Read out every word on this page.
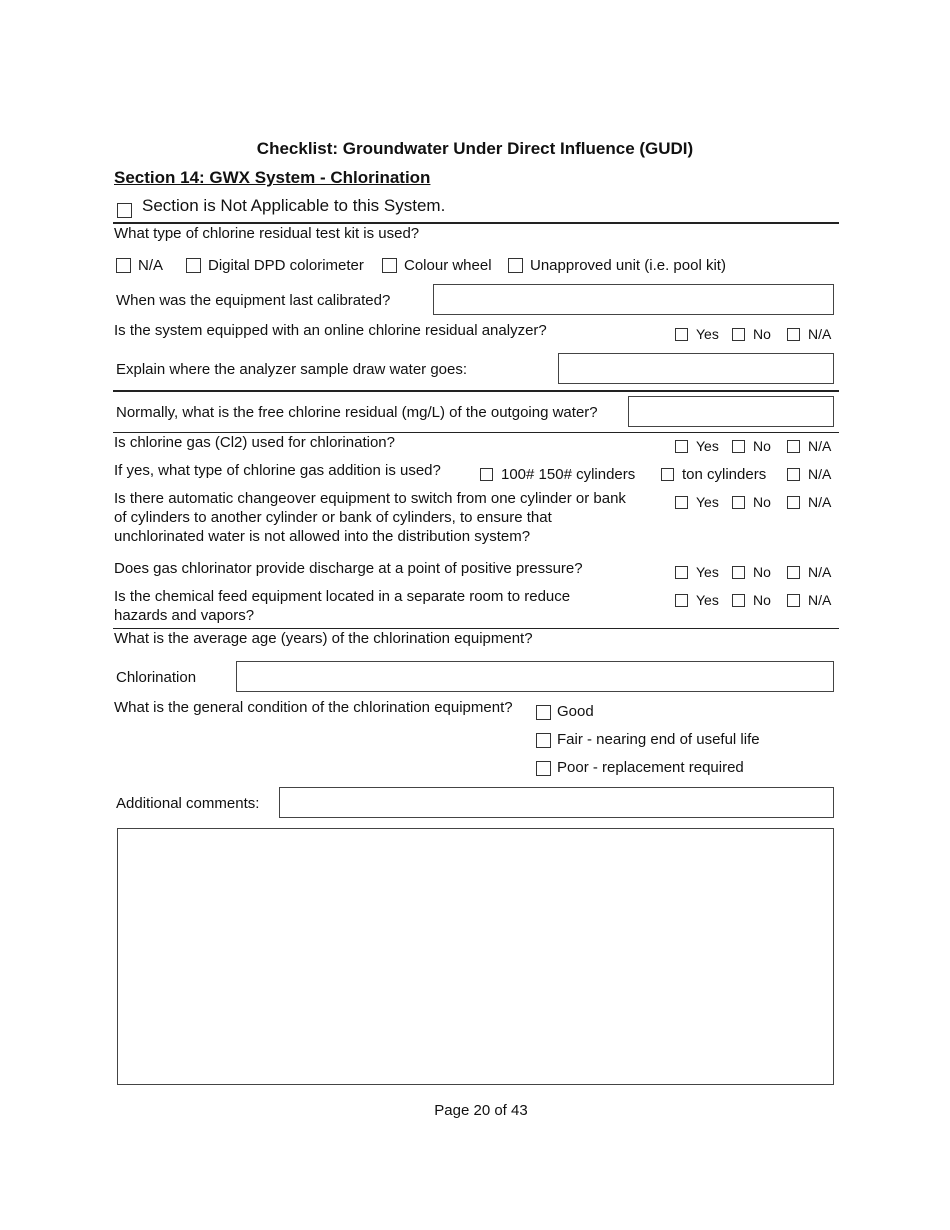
Checklist: Groundwater Under Direct Influence (GUDI)
Section 14: GWX System - Chlorination
Section is Not Applicable to this System.
What type of chlorine residual test kit is used?
N/A	Digital DPD colorimeter	Colour wheel	Unapproved unit (i.e. pool kit)
When was the equipment last calibrated?
Is the system equipped with an online chlorine residual analyzer?	Yes No	N/A
Explain where the analyzer sample draw water goes:
Normally, what is the free chlorine residual (mg/L) of the outgoing water?
Is chlorine gas (Cl2) used for chlorination?	Yes No	N/A
If yes, what type of chlorine gas addition is used?	100# 150# cylinders	ton cylinders	N/A
Is there automatic changeover equipment to switch from one cylinder or bank of cylinders to another cylinder or bank of cylinders, to ensure that unchlorinated water is not allowed into the distribution system?
Yes No	N/A
Does gas chlorinator provide discharge at a point of positive pressure?	Yes No	N/A
Is the chemical feed equipment located in a separate room to reduce hazards and vapors?
Yes No	N/A
What is the average age (years) of the chlorination equipment?
Chlorination
What is the general condition of the chlorination equipment?	Good
Fair - nearing end of useful life
Poor - replacement required
Additional comments:
Page 20 of 43
